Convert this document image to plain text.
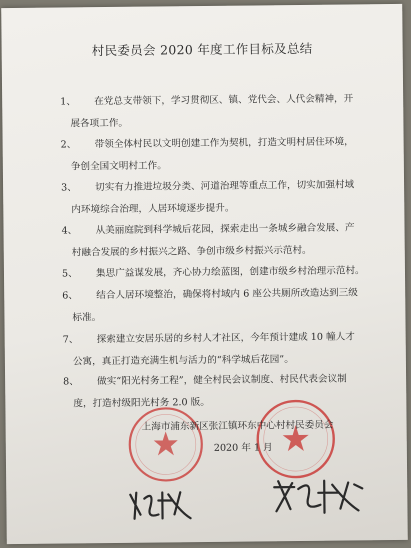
村民委员会 2020 年度工作目标及总结
1、 在党总支带领下，学习贯彻区、镇、党代会、人代会精神，开
展各项工作。
2、 带领全体村民以文明创建工作为契机，打造文明村居住环境，
争创全国文明村工作。
3、 切实有力推进垃圾分类、河道治理等重点工作，切实加强村域
内环境综合治理，人居环境逐步提升。
4、 从美丽庭院到科学城后花园，探索走出一条城乡融合发展、产
村融合发展的乡村振兴之路、争创市级乡村振兴示范村。
5、 集思广益谋发展，齐心协力绘蓝图，创建市级乡村治理示范村。
6、 结合人居环境整治，确保将村域内 6 座公共厕所改造达到三级
标准。
7、 探索建立安居乐居的乡村人才社区，今年预计建成 10 幢人才
公寓，真正打造充满生机与活力的“科学城后花园”。
8、 做实“阳光村务工程”，健全村民会议制度、村民代表会议制
度，打造村级阳光村务 2.0 版。
上海市浦东新区张江镇环东中心村村民委员会
2020 年 1 月
